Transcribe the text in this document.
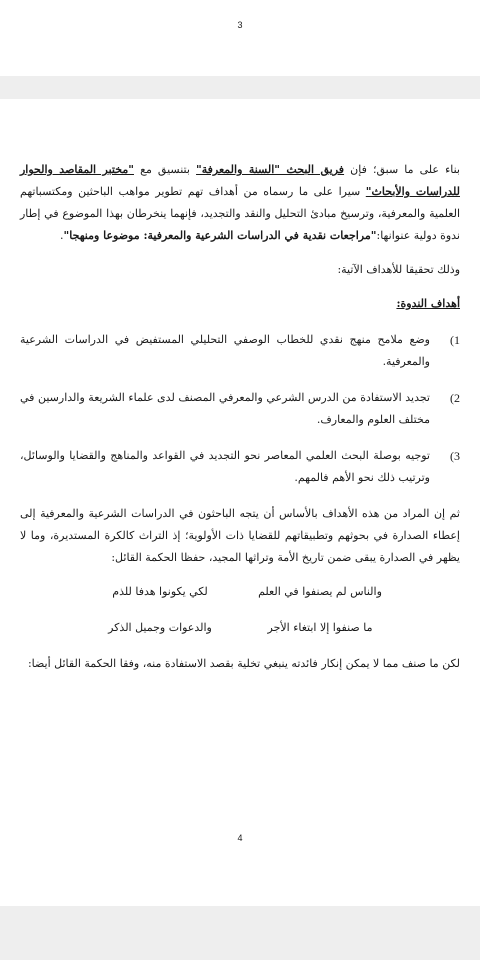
3

بناء على ما سبق؛ فإن فريق البحث "السنة والمعرفة" بتنسيق مع "مختبر المقاصد والحوار للدراسات والأبحاث" سيرا على ما رسماه من أهداف تهم تطوير مواهب الباحثين ومكتسباتهم العلمية والمعرفية، وترسيخ مبادئ التحليل والنقد والتجديد، فإنهما ينخرطان بهذا الموضوع في إطار ندوة دولية عنوانها:"مراجعات نقدية في الدراسات الشرعية والمعرفية: موضوعا ومنهجا".

وذلك تحقيقا للأهداف الآتية:

أهداف الندوة:

1)
وضع ملامح منهج نقدي للخطاب الوصفي التحليلي المستفيض في الدراسات الشرعية والمعرفية.
2)
تجديد الاستفادة من الدرس الشرعي والمعرفي المصنف لدى علماء الشريعة والدارسين في مختلف العلوم والمعارف.
3)
توجيه بوصلة البحث العلمي المعاصر نحو التجديد في القواعد والمناهج والقضايا والوسائل، وترتيب ذلك نحو الأهم فالمهم.

ثم إن المراد من هذه الأهداف بالأساس أن يتجه الباحثون في الدراسات الشرعية والمعرفية إلى إعطاء الصدارة في بحوثهم وتطبيقاتهم للقضايا ذات الأولوية؛ إذ التراث كالكرة المستديرة، وما لا يظهر في الصدارة يبقى ضمن تاريخ الأمة وتراثها المجيد، حفظا الحكمة القائل:

والناس لم يصنفوا في العلم
لكي يكونوا هدفا للذم
ما صنفوا إلا ابتغاء الأجر
والدعوات وجميل الذكر

لكن ما صنف مما لا يمكن إنكار فائدته ينبغي تخلية بقصد الاستفادة منه، وفقا الحكمة القائل أيضا:

4
